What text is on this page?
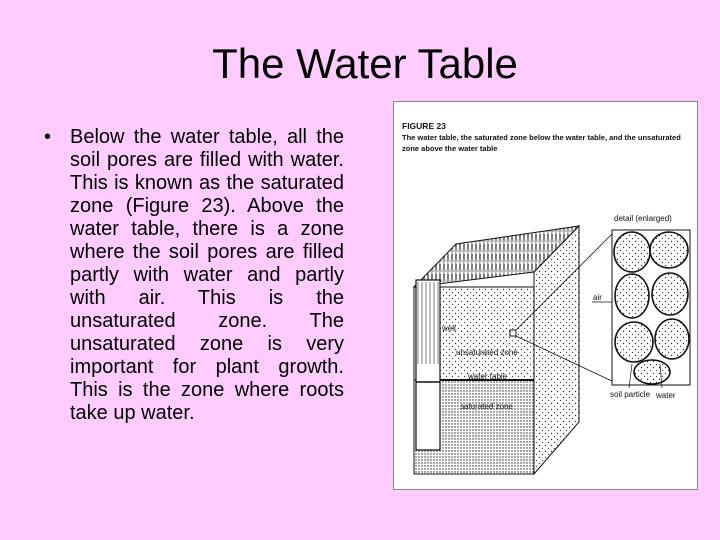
The Water Table
• Below the water table, all the soil pores are filled with water. This is known as the saturated zone (Figure 23). Above the water table, there is a zone where the soil pores are filled partly with water and partly with air. This is the unsaturated zone. The unsaturated zone is very important for plant growth. This is the zone where roots take up water.
FIGURE 23
The water table, the saturated zone below the water table, and the unsaturated zone above the water table
detail (enlarged)
air
well
unsaturated zone
water table
saturated zone
soil particle water
